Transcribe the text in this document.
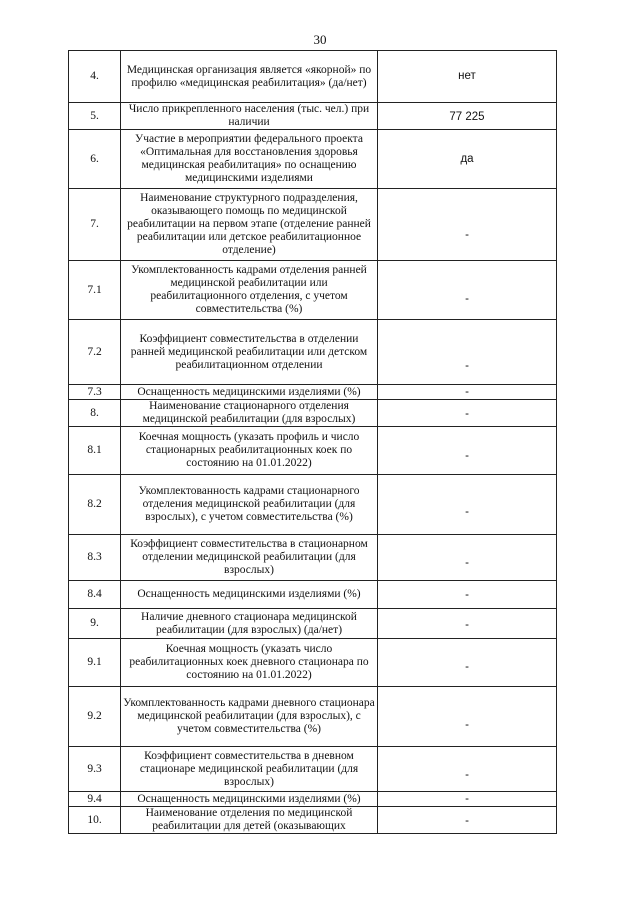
30
4.	Медицинская организация является «якорной» по профилю «медицинская реабилитация» (да/нет)	нет
5.	Число прикрепленного населения (тыс. чел.) при наличии	77 225
6.	Участие в мероприятии федерального проекта «Оптимальная для восстановления здоровья медицинская реабилитация» по оснащению медицинскими изделиями	да
7.	Наименование структурного подразделения, оказывающего помощь по медицинской реабилитации на первом этапе (отделение ранней реабилитации или детское реабилитационное отделение)	-
7.1	Укомплектованность кадрами отделения ранней медицинской реабилитации или реабилитационного отделения, с учетом совместительства (%)	-
7.2	Коэффициент совместительства в отделении ранней медицинской реабилитации или детском реабилитационном отделении	-
7.3	Оснащенность медицинскими изделиями (%)	-
8.	Наименование стационарного отделения медицинской реабилитации (для взрослых)	-
8.1	Коечная мощность (указать профиль и число стационарных реабилитационных коек по состоянию на 01.01.2022)	-
8.2	Укомплектованность кадрами стационарного отделения медицинской реабилитации (для взрослых), с учетом совместительства (%)	-
8.3	Коэффициент совместительства в стационарном отделении медицинской реабилитации (для взрослых)	-
8.4	Оснащенность медицинскими изделиями (%)	-
9.	Наличие дневного стационара медицинской реабилитации (для взрослых) (да/нет)	-
9.1	Коечная мощность (указать число реабилитационных коек дневного стационара по состоянию на 01.01.2022)	-
9.2	Укомплектованность кадрами дневного стационара медицинской реабилитации (для взрослых), с учетом совместительства (%)	-
9.3	Коэффициент совместительства в дневном стационаре медицинской реабилитации (для взрослых)	-
9.4	Оснащенность медицинскими изделиями (%)	-
10.	Наименование отделения по медицинской реабилитации для детей (оказывающих	-
